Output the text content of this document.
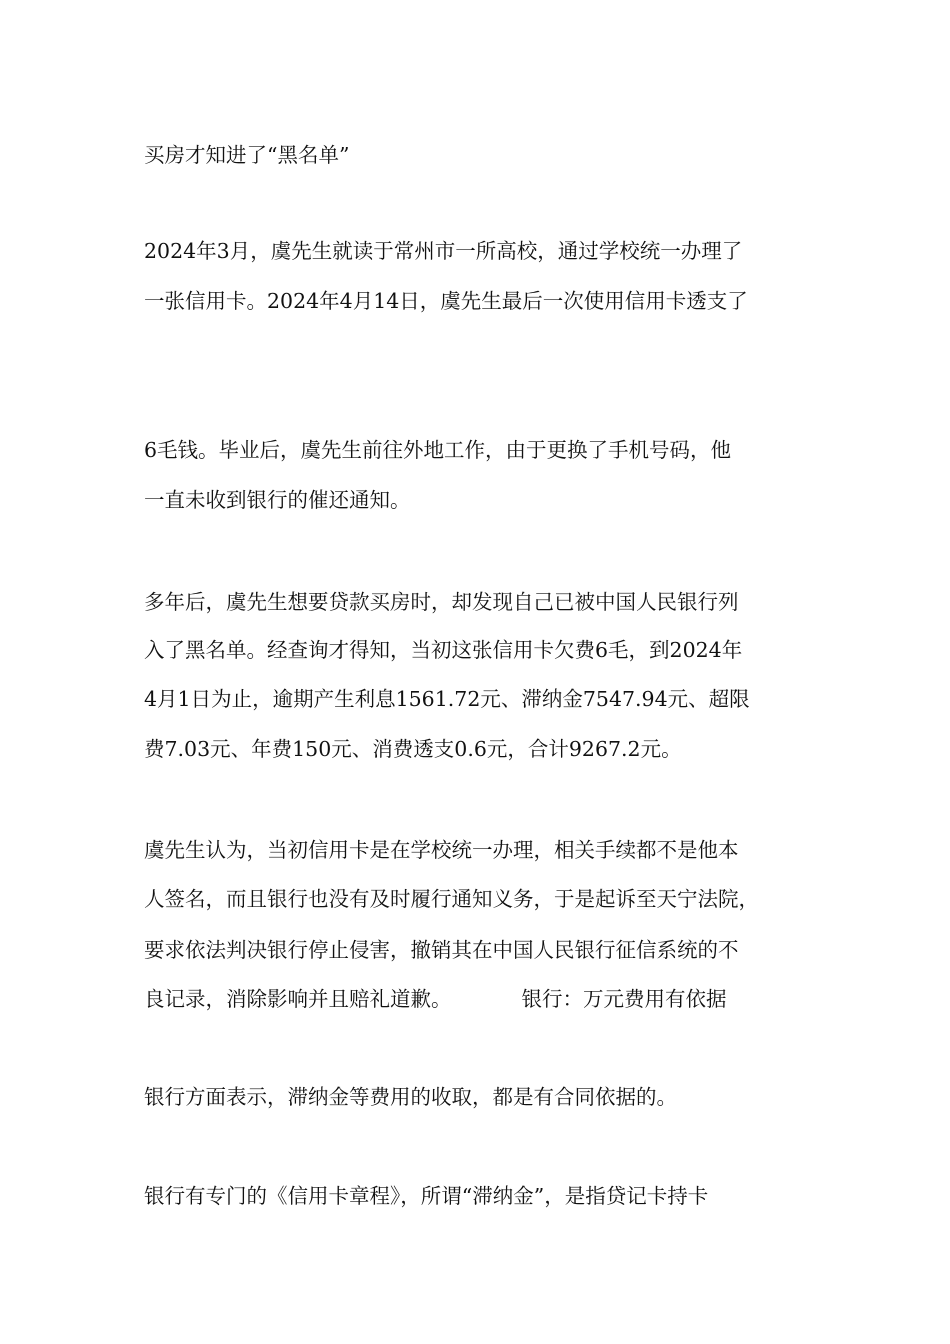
买房才知进了“黑名单”
2024年3月，虞先生就读于常州市一所高校，通过学校统一办理了
一张信用卡。2024年4月14日，虞先生最后一次使用信用卡透支了
6毛钱。毕业后，虞先生前往外地工作，由于更换了手机号码，他
一直未收到银行的催还通知。
多年后，虞先生想要贷款买房时，却发现自己已被中国人民银行列
入了黑名单。经查询才得知，当初这张信用卡欠费6毛，到2024年
4月1日为止，逾期产生利息1561.72元、滞纳金7547.94元、超限
费7.03元、年费150元、消费透支0.6元，合计9267.2元。
虞先生认为，当初信用卡是在学校统一办理，相关手续都不是他本
人签名，而且银行也没有及时履行通知义务，于是起诉至天宁法院，
要求依法判决银行停止侵害，撤销其在中国人民银行征信系统的不
良记录，消除影响并且赔礼道歉。	银行：万元费用有依据
银行方面表示，滞纳金等费用的收取，都是有合同依据的。
银行有专门的《信用卡章程》，所谓“滞纳金”，是指贷记卡持卡
